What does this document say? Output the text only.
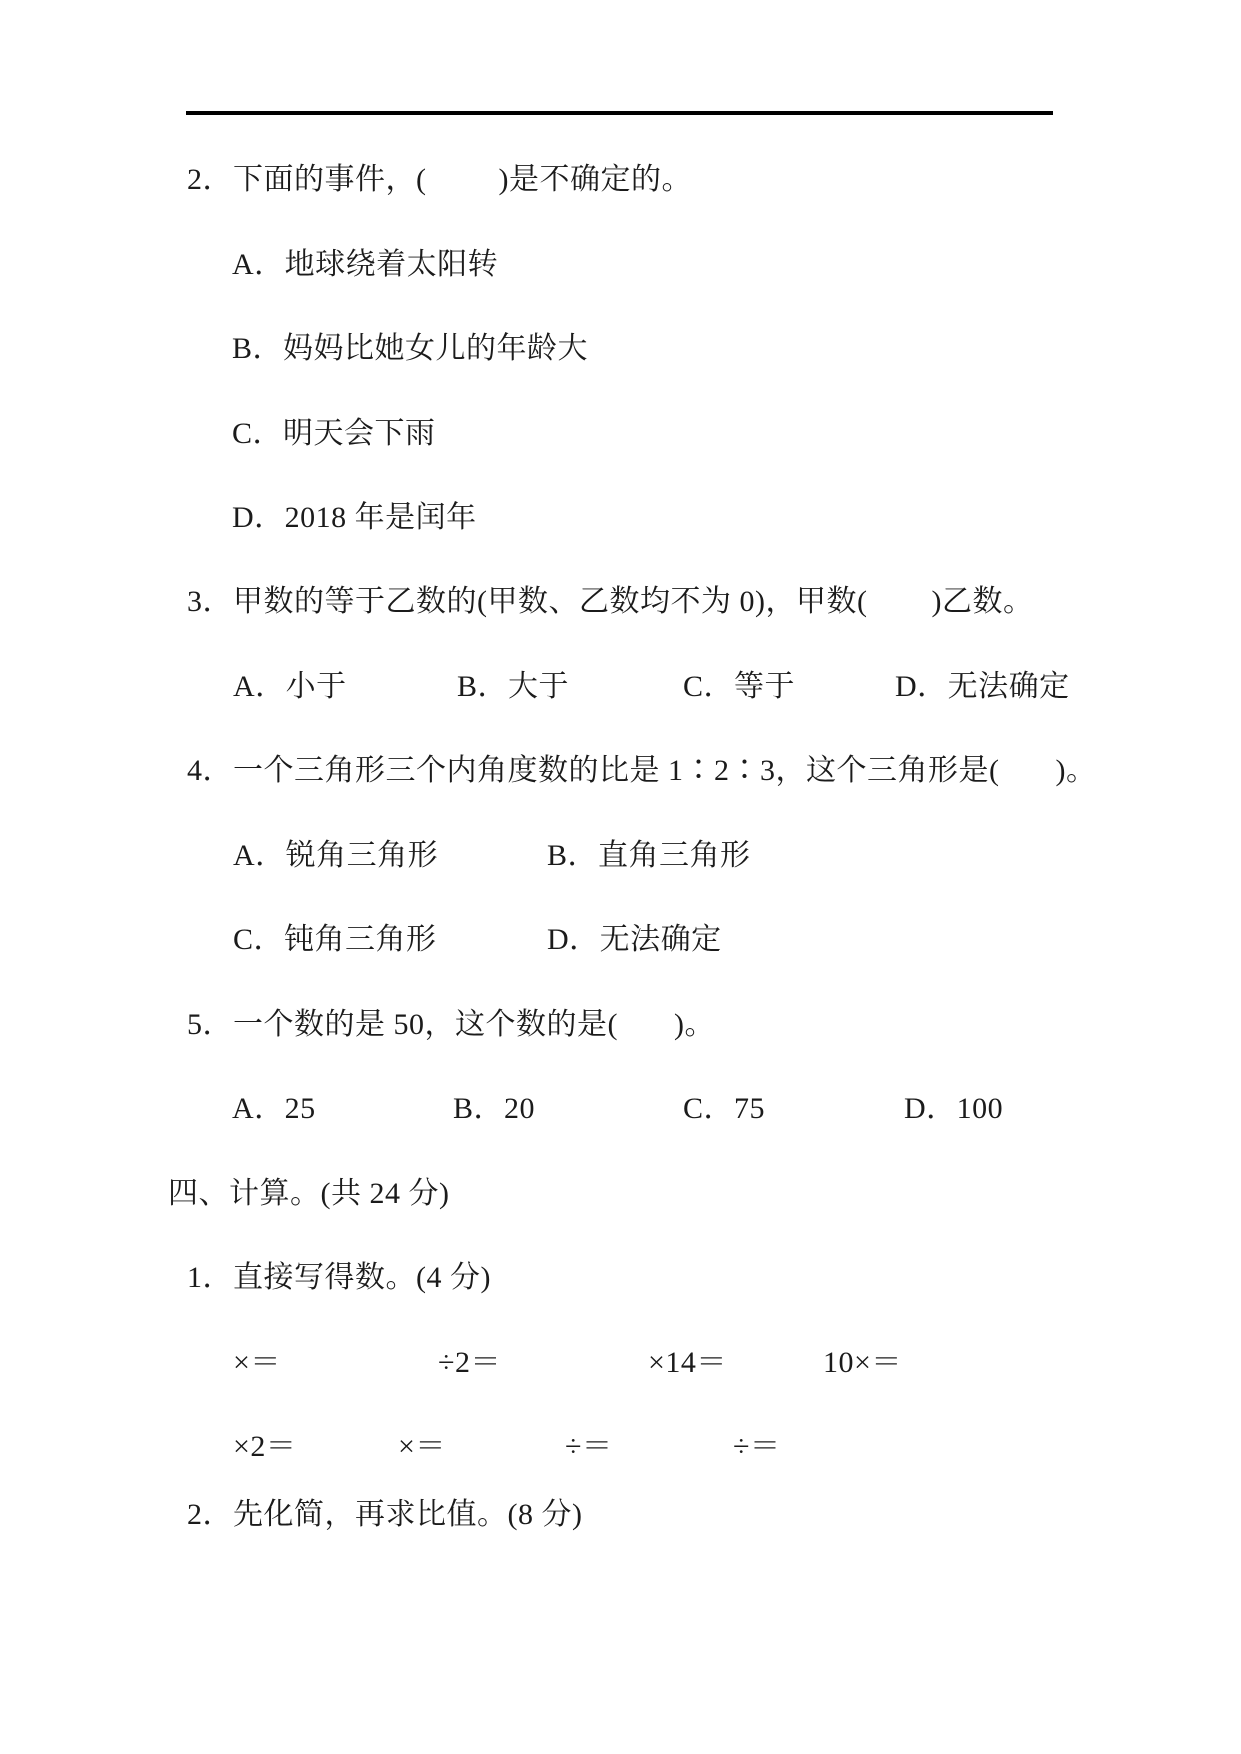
2．下面的事件，(         )是不确定的。
A．地球绕着太阳转
B．妈妈比她女儿的年龄大
C．明天会下雨
D．2018 年是闰年
3．甲数的等于乙数的(甲数、乙数均不为 0)，甲数(        )乙数。
A．小于	B．大于	C．等于	D．无法确定
4．一个三角形三个内角度数的比是 1∶2∶3，这个三角形是(       )。
A．锐角三角形	B．直角三角形
C．钝角三角形	D．无法确定
5．一个数的是 50，这个数的是(       )。
A．25	B．20	C．75	D．100
四、计算。(共 24 分)
1．直接写得数。(4 分)
×＝	÷2＝	×14＝	10×＝
×2＝	×＝	÷＝	÷＝
2．先化简，再求比值。(8 分)
